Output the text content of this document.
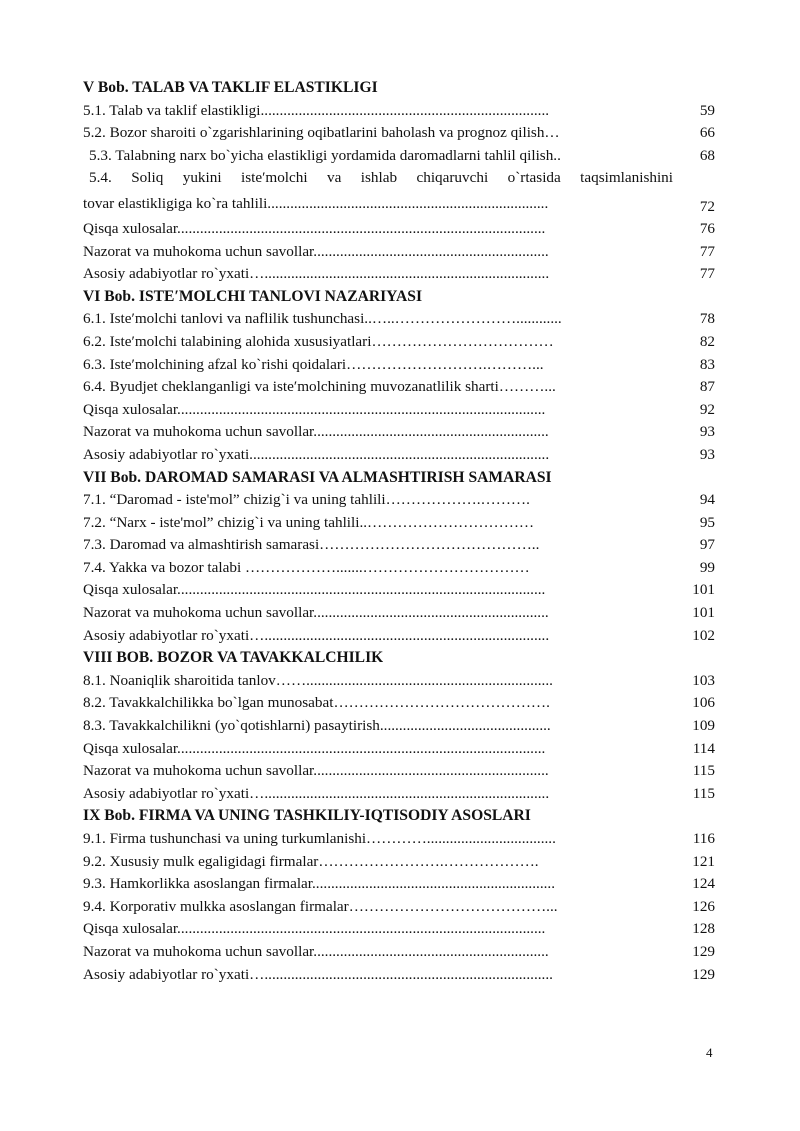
V Bob. TALAB VA TAKLIF ELASTIKLIGI
5.1. Talab va taklif elastikligi............................................................................	59
5.2. Bozor sharoiti o`zgarishlarining oqibatlarini baholash va prognoz qilish…	66
5.3. Talabning narx bo`yicha elastikligi yordamida daromadlarni tahlil qilish..	68
5.4. Soliq yukini iste′molchi va ishlab chiqaruvchi o`rtasida taqsimlanishini
tovar elastikligiga ko`ra tahlili..........................................................................	72
Qisqa xulosalar.................................................................................................	76
Nazorat va muhokoma uchun savollar..............................................................	77
Asosiy adabiyotlar ro`yxati…...........................................................................	77
VI Bob. ISTE′MOLCHI TANLOVI NAZARIYASI
6.1. Iste′molchi tanlovi va naflilik tushunchasi..…..……………………............	78
6.2. Iste′molchi talabining alohida xususiyatlari………………………………	82
6.3. Iste′molchining afzal ko`rishi qoidalari……………………….………...	83
6.4. Byudjet cheklanganligi va iste′molchining muvozanatlilik sharti………...	87
Qisqa xulosalar.................................................................................................	92
Nazorat va muhokoma uchun savollar..............................................................	93
Asosiy adabiyotlar ro`yxati...............................................................................	93
VII Bob. DAROMAD SAMARASI VA ALMASHTIRISH SAMARASI
7.1. “Daromad - iste'mol” chizig`i va uning tahlili……………….……….	94
7.2. “Narx - iste'mol” chizig`i va uning tahlili..……………………………	95
7.3. Daromad va almashtirish samarasi……………………………………..	97
7.4. Yakka va bozor talabi ……………….......……………………………	99
Qisqa xulosalar.................................................................................................	101
Nazorat va muhokoma uchun savollar..............................................................	101
Asosiy adabiyotlar ro`yxati…...........................................................................	102
VIII BOB. BOZOR VA TAVAKKALCHILIK
8.1. Noaniqlik sharoitida tanlov…….................................................................	103
8.2. Tavakkalchilikka bo`lgan munosabat…………………………………….	106
8.3. Tavakkalchilikni (yo`qotishlarni) pasaytirish.............................................	109
Qisqa xulosalar.................................................................................................	114
Nazorat va muhokoma uchun savollar..............................................................	115
Asosiy adabiyotlar ro`yxati…...........................................................................	115
IX Bob. FIRMA VA UNING TASHKILIY-IQTISODIY ASOSLARI
9.1. Firma tushunchasi va uning turkumlanishi…………..................................	116
9.2. Xususiy mulk egaligidagi firmalar…………………….……………….	121
9.3. Hamkorlikka asoslangan firmalar................................................................	124
9.4. Korporativ mulkka asoslangan firmalar…………………………………...	126
Qisqa xulosalar.................................................................................................	128
Nazorat va muhokoma uchun savollar..............................................................	129
Asosiy adabiyotlar ro`yxati…............................................................................	129
4
